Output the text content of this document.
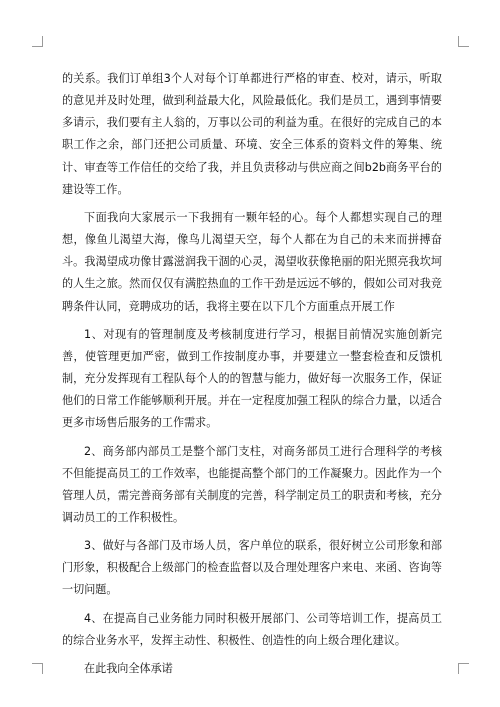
的关系。我们订单组3个人对每个订单都进行严格的审查、校对，请示，听取的意见并及时处理，做到利益最大化，风险最低化。我们是员工，遇到事情要多请示，我们要有主人翁的，万事以公司的利益为重。在很好的完成自己的本职工作之余，部门还把公司质量、环境、安全三体系的资料文件的筹集、统计、审查等工作信任的交给了我，并且负责移动与供应商之间b2b商务平台的建设等工作。

下面我向大家展示一下我拥有一颗年轻的心。每个人都想实现自己的理想，像鱼儿渴望大海，像鸟儿渴望天空，每个人都在为自己的未来而拼搏奋斗。我渴望成功像甘露滋润我干涸的心灵，渴望收获像艳丽的阳光照亮我坎坷的人生之旅。然而仅仅有满腔热血的工作干劲是远远不够的，假如公司对我竞聘条件认同，竞聘成功的话，我将主要在以下几个方面重点开展工作

1、对现有的管理制度及考核制度进行学习，根据目前情况实施创新完善，使管理更加严密，做到工作按制度办事，并要建立一整套检查和反馈机制，充分发挥现有工程队每个人的的智慧与能力，做好每一次服务工作，保证他们的日常工作能够顺利开展。并在一定程度加强工程队的综合力量，以适合更多市场售后服务的工作需求。

2、商务部内部员工是整个部门支柱，对商务部员工进行合理科学的考核不但能提高员工的工作效率，也能提高整个部门的工作凝聚力。因此作为一个管理人员，需完善商务部有关制度的完善，科学制定员工的职责和考核，充分调动员工的工作积极性。

3、做好与各部门及市场人员，客户单位的联系，很好树立公司形象和部门形象，积极配合上级部门的检查监督以及合理处理客户来电、来函、咨询等一切问题。

4、在提高自己业务能力同时积极开展部门、公司等培训工作，提高员工的综合业务水平，发挥主动性、积极性、创造性的向上级合理化建议。

在此我向全体承诺
